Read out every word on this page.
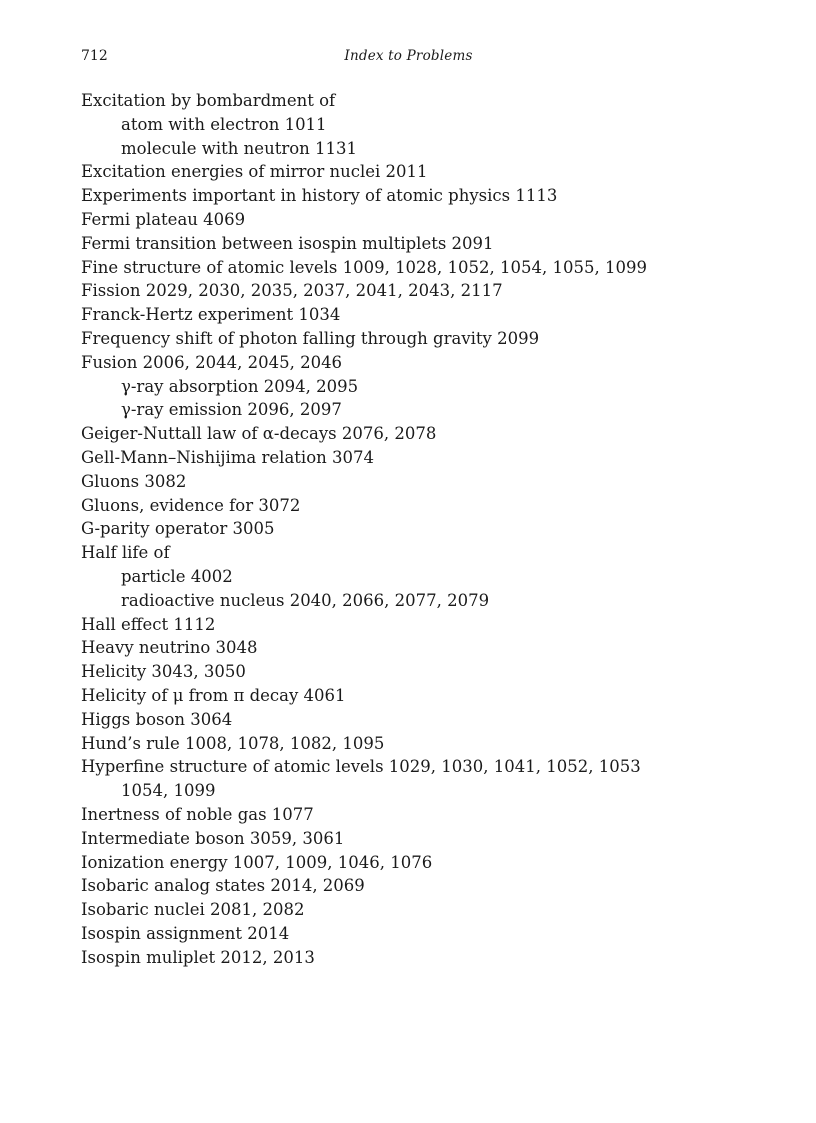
712	Index to Problems
Excitation by bombardment of
atom with electron 1011
molecule with neutron 1131
Excitation energies of mirror nuclei 2011
Experiments important in history of atomic physics 1113
Fermi plateau 4069
Fermi transition between isospin multiplets 2091
Fine structure of atomic levels 1009, 1028, 1052, 1054, 1055, 1099
Fission 2029, 2030, 2035, 2037, 2041, 2043, 2117
Franck-Hertz experiment 1034
Frequency shift of photon falling through gravity 2099
Fusion 2006, 2044, 2045, 2046
γ-ray absorption 2094, 2095
γ-ray emission 2096, 2097
Geiger-Nuttall law of α-decays 2076, 2078
Gell-Mann–Nishijima relation 3074
Gluons 3082
Gluons, evidence for 3072
G-parity operator 3005
Half life of
particle 4002
radioactive nucleus 2040, 2066, 2077, 2079
Hall effect 1112
Heavy neutrino 3048
Helicity 3043, 3050
Helicity of μ from π decay 4061
Higgs boson 3064
Hund’s rule 1008, 1078, 1082, 1095
Hyperfine structure of atomic levels 1029, 1030, 1041, 1052, 1053
1054, 1099
Inertness of noble gas 1077
Intermediate boson 3059, 3061
Ionization energy 1007, 1009, 1046, 1076
Isobaric analog states 2014, 2069
Isobaric nuclei 2081, 2082
Isospin assignment 2014
Isospin muliplet 2012, 2013
